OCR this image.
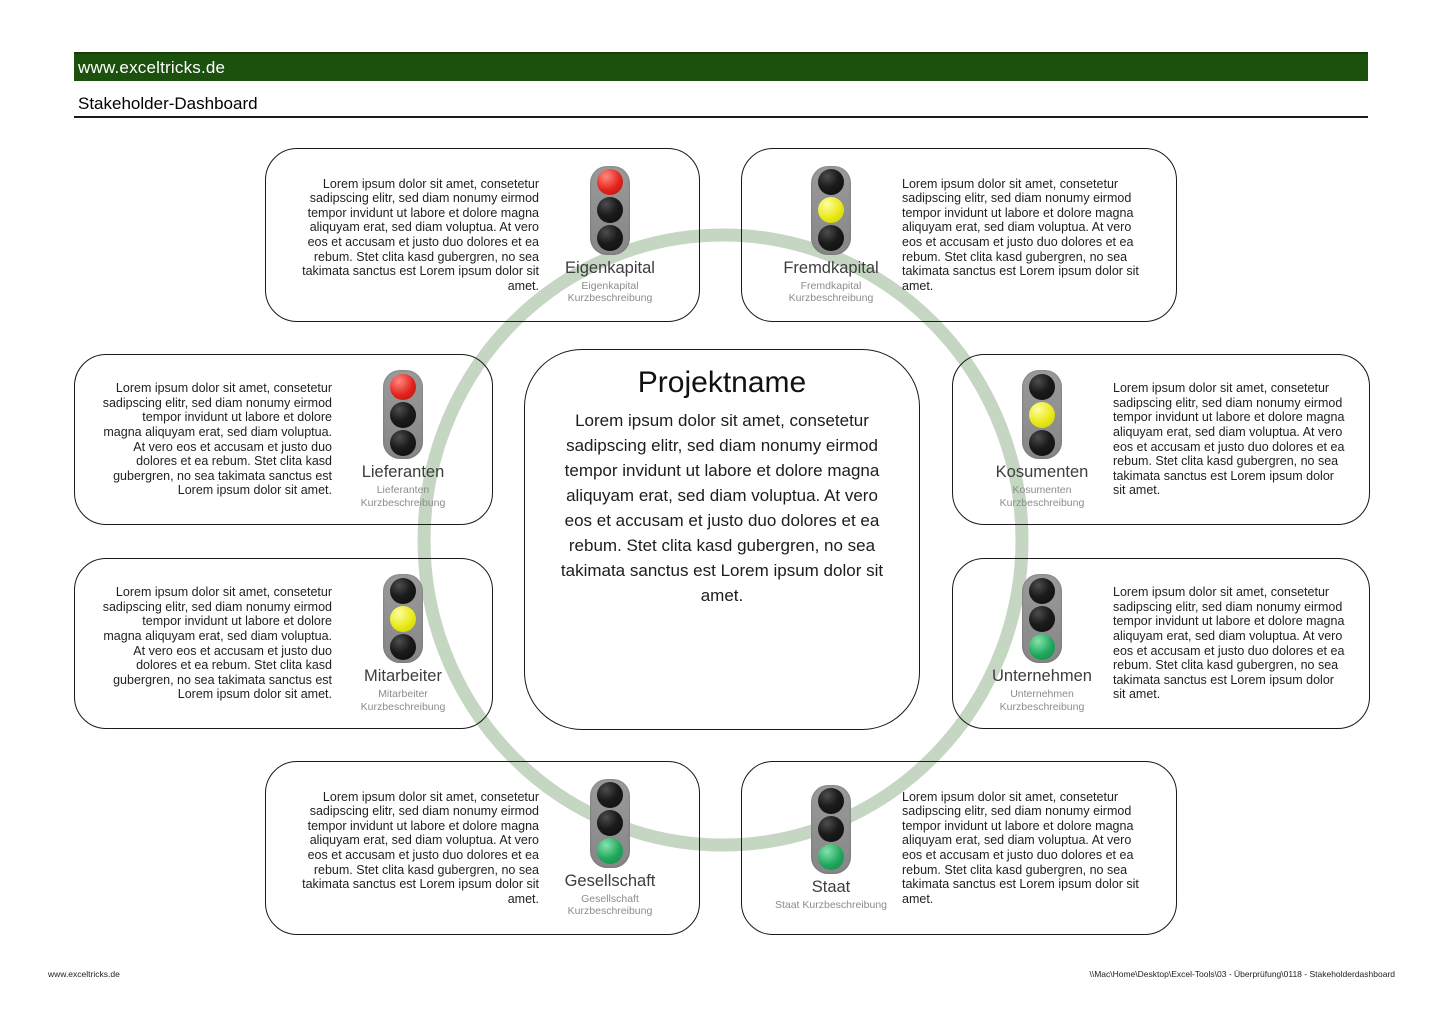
www.exceltricks.de
Stakeholder-Dashboard
Lorem ipsum dolor sit amet, consetetur sadipscing elitr, sed diam nonumy eirmod tempor invidunt ut labore et dolore magna aliquyam erat, sed diam voluptua. At vero eos et accusam et justo duo dolores et ea rebum. Stet clita kasd gubergren, no sea takimata sanctus est Lorem ipsum dolor sit amet.
Eigenkapital
Eigenkapital Kurzbeschreibung
Fremdkapital
Fremdkapital Kurzbeschreibung
Lorem ipsum dolor sit amet, consetetur sadipscing elitr, sed diam nonumy eirmod tempor invidunt ut labore et dolore magna aliquyam erat, sed diam voluptua. At vero eos et accusam et justo duo dolores et ea rebum. Stet clita kasd gubergren, no sea takimata sanctus est Lorem ipsum dolor sit amet.
Lorem ipsum dolor sit amet, consetetur sadipscing elitr, sed diam nonumy eirmod tempor invidunt ut labore et dolore magna aliquyam erat, sed diam voluptua. At vero eos et accusam et justo duo dolores et ea rebum. Stet clita kasd gubergren, no sea takimata sanctus est Lorem ipsum dolor sit amet.
Lieferanten
Lieferanten Kurzbeschreibung
Kosumenten
Kosumenten Kurzbeschreibung
Lorem ipsum dolor sit amet, consetetur sadipscing elitr, sed diam nonumy eirmod tempor invidunt ut labore et dolore magna aliquyam erat, sed diam voluptua. At vero eos et accusam et justo duo dolores et ea rebum. Stet clita kasd gubergren, no sea takimata sanctus est Lorem ipsum dolor sit amet.
Lorem ipsum dolor sit amet, consetetur sadipscing elitr, sed diam nonumy eirmod tempor invidunt ut labore et dolore magna aliquyam erat, sed diam voluptua. At vero eos et accusam et justo duo dolores et ea rebum. Stet clita kasd gubergren, no sea takimata sanctus est Lorem ipsum dolor sit amet.
Mitarbeiter
Mitarbeiter Kurzbeschreibung
Unternehmen
Unternehmen Kurzbeschreibung
Lorem ipsum dolor sit amet, consetetur sadipscing elitr, sed diam nonumy eirmod tempor invidunt ut labore et dolore magna aliquyam erat, sed diam voluptua. At vero eos et accusam et justo duo dolores et ea rebum. Stet clita kasd gubergren, no sea takimata sanctus est Lorem ipsum dolor sit amet.
Lorem ipsum dolor sit amet, consetetur sadipscing elitr, sed diam nonumy eirmod tempor invidunt ut labore et dolore magna aliquyam erat, sed diam voluptua. At vero eos et accusam et justo duo dolores et ea rebum. Stet clita kasd gubergren, no sea takimata sanctus est Lorem ipsum dolor sit amet.
Gesellschaft
Gesellschaft Kurzbeschreibung
Staat
Staat Kurzbeschreibung
Lorem ipsum dolor sit amet, consetetur sadipscing elitr, sed diam nonumy eirmod tempor invidunt ut labore et dolore magna aliquyam erat, sed diam voluptua. At vero eos et accusam et justo duo dolores et ea rebum. Stet clita kasd gubergren, no sea takimata sanctus est Lorem ipsum dolor sit amet.
Projektname
Lorem ipsum dolor sit amet, consetetur sadipscing elitr, sed diam nonumy eirmod tempor invidunt ut labore et dolore magna aliquyam erat, sed diam voluptua. At vero eos et accusam et justo duo dolores et ea rebum. Stet clita kasd gubergren, no sea takimata sanctus est Lorem ipsum dolor sit amet.
www.exceltricks.de	\\Mac\Home\Desktop\Excel-Tools\03 - Überprüfung\0118 - Stakeholderdashboard
